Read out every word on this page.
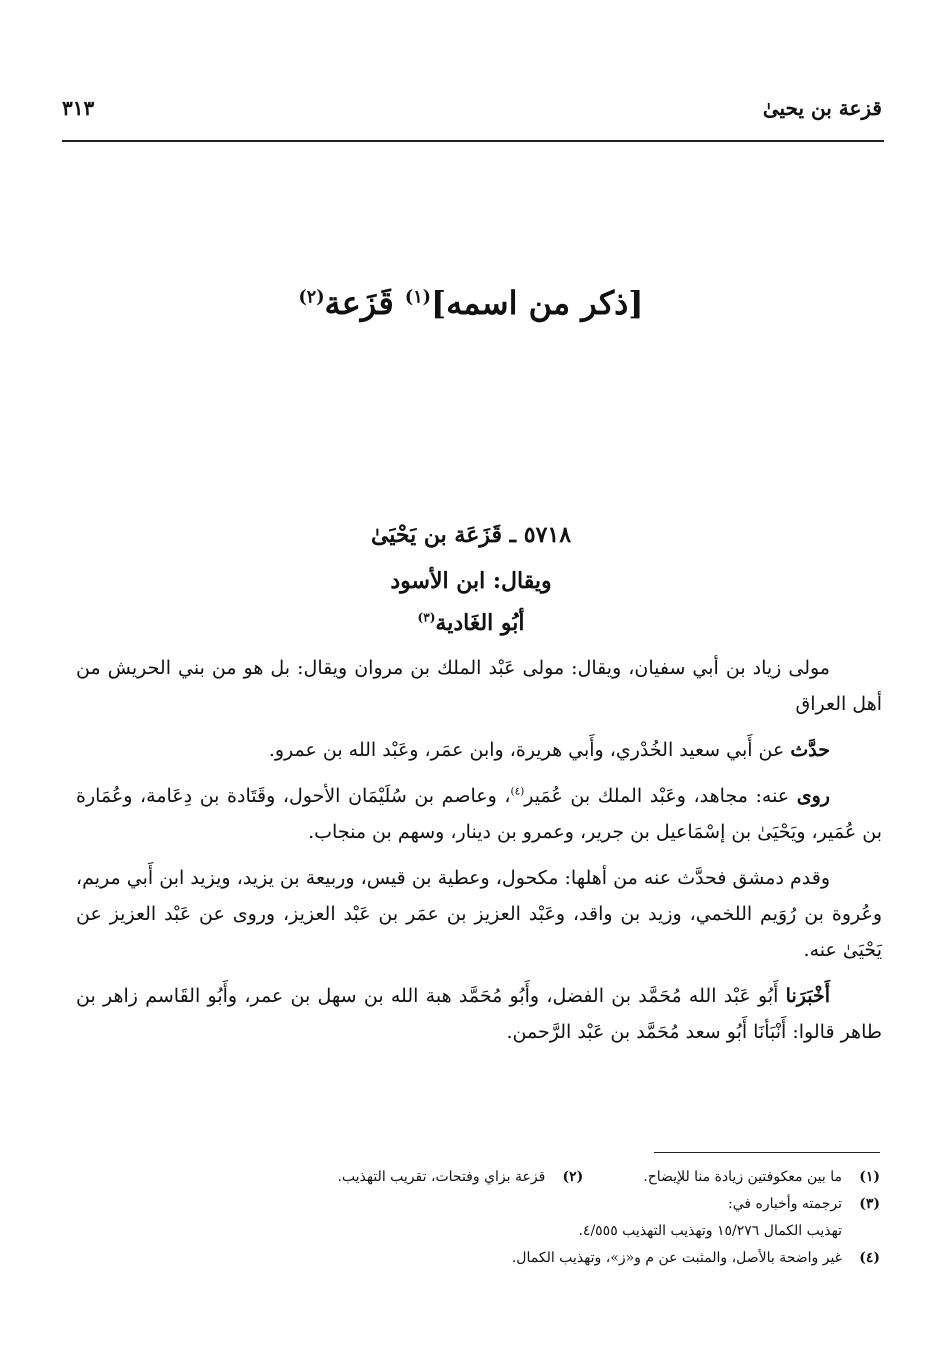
قزعة بن يحيىٰ
٣١٣
[ذكر من اسمه]$^{(١)}$ قَزَعة$^{(٢)}$
٥٧١٨ ـ قَزَعَة بن يَحْيَىٰ
ويقال: ابن الأسود
أبُو الغَادية$^{(٣)}$

مولى زياد بن أبي سفيان، ويقال: مولى عَبْد الملك بن مروان ويقال: بل هو من بني الحريش من أهل العراق

حدَّث عن أَبي سعيد الخُدْري، وأَبي هريرة، وابن عمَر، وعَبْد الله بن عمرو.

روى عنه: مجاهد، وعَبْد الملك بن عُمَير$^{(٤)}$، وعاصم بن سُلَيْمَان الأحول، وقَتَادة بن دِعَامة، وعُمَارة بن عُمَير، ويَحْيَىٰ بن إسْمَاعيل بن جرير، وعمرو بن دينار، وسهم بن منجاب.

وقدم دمشق فحدَّث عنه من أهلها: مكحول، وعطية بن قيس، وربيعة بن يزيد، ويزيد ابن أَبي مريم، وعُروة بن رُوَيم اللخمي، وزيد بن واقد، وعَبْد العزيز بن عمَر بن عَبْد العزيز، وروى عن عَبْد العزيز عن يَحْيَىٰ عنه.

أَخْبَرَنا أَبُو عَبْد الله مُحَمَّد بن الفضل، وأَبُو مُحَمَّد هبة الله بن سهل بن عمر، وأَبُو القَاسم زاهر بن طاهر قالوا: أَنْبَأنَا أَبُو سعد مُحَمَّد بن عَبْد الرَّحمن.

(١)
ما بين معكوفتين زيادة منا للإيضاح.
(٢)
قزعة بزاي وفتحات، تقريب التهذيب.
(٣)
ترجمته وأخباره في:
تهذيب الكمال ١٥/٢٧٦ وتهذيب التهذيب ٤/٥٥٥.
(٤)
غير واضحة بالأصل، والمثبت عن م و«ز»، وتهذيب الكمال.
